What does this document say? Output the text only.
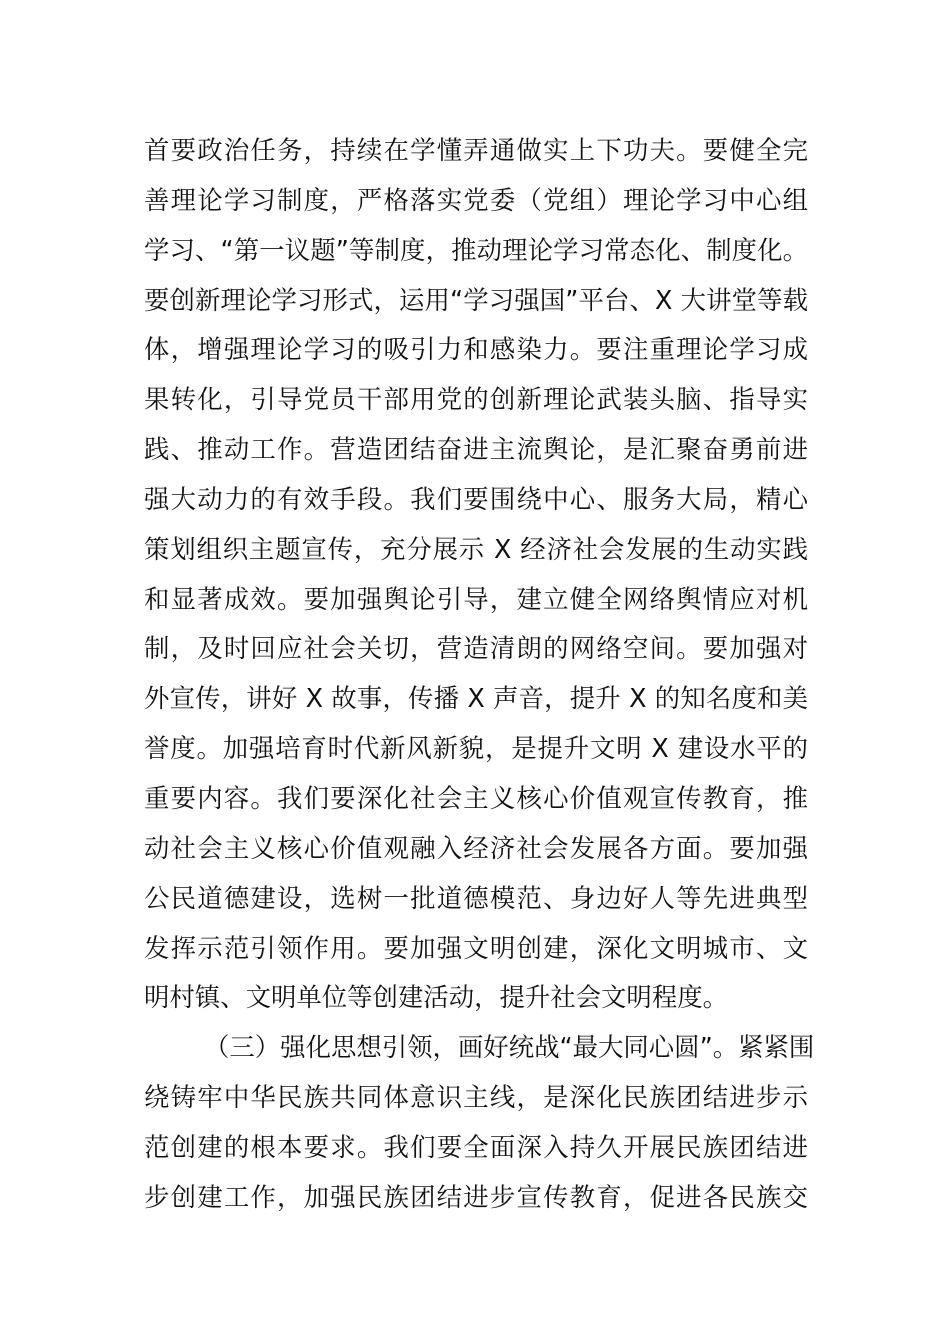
首要政治任务，持续在学懂弄通做实上下功夫。要健全完
善理论学习制度，严格落实党委（党组）理论学习中心组
学习、“第一议题”等制度，推动理论学习常态化、制度化。
要创新理论学习形式，运用“学习强国”平台、X 大讲堂等载
体，增强理论学习的吸引力和感染力。要注重理论学习成
果转化，引导党员干部用党的创新理论武装头脑、指导实
践、推动工作。营造团结奋进主流舆论，是汇聚奋勇前进
强大动力的有效手段。我们要围绕中心、服务大局，精心
策划组织主题宣传，充分展示 X 经济社会发展的生动实践
和显著成效。要加强舆论引导，建立健全网络舆情应对机
制，及时回应社会关切，营造清朗的网络空间。要加强对
外宣传，讲好 X 故事，传播 X 声音，提升 X 的知名度和美
誉度。加强培育时代新风新貌，是提升文明 X 建设水平的
重要内容。我们要深化社会主义核心价值观宣传教育，推
动社会主义核心价值观融入经济社会发展各方面。要加强
公民道德建设，选树一批道德模范、身边好人等先进典型
发挥示范引领作用。要加强文明创建，深化文明城市、文
明村镇、文明单位等创建活动，提升社会文明程度。
（三）强化思想引领，画好统战“最大同心圆”。紧紧围
绕铸牢中华民族共同体意识主线，是深化民族团结进步示
范创建的根本要求。我们要全面深入持久开展民族团结进
步创建工作，加强民族团结进步宣传教育，促进各民族交
